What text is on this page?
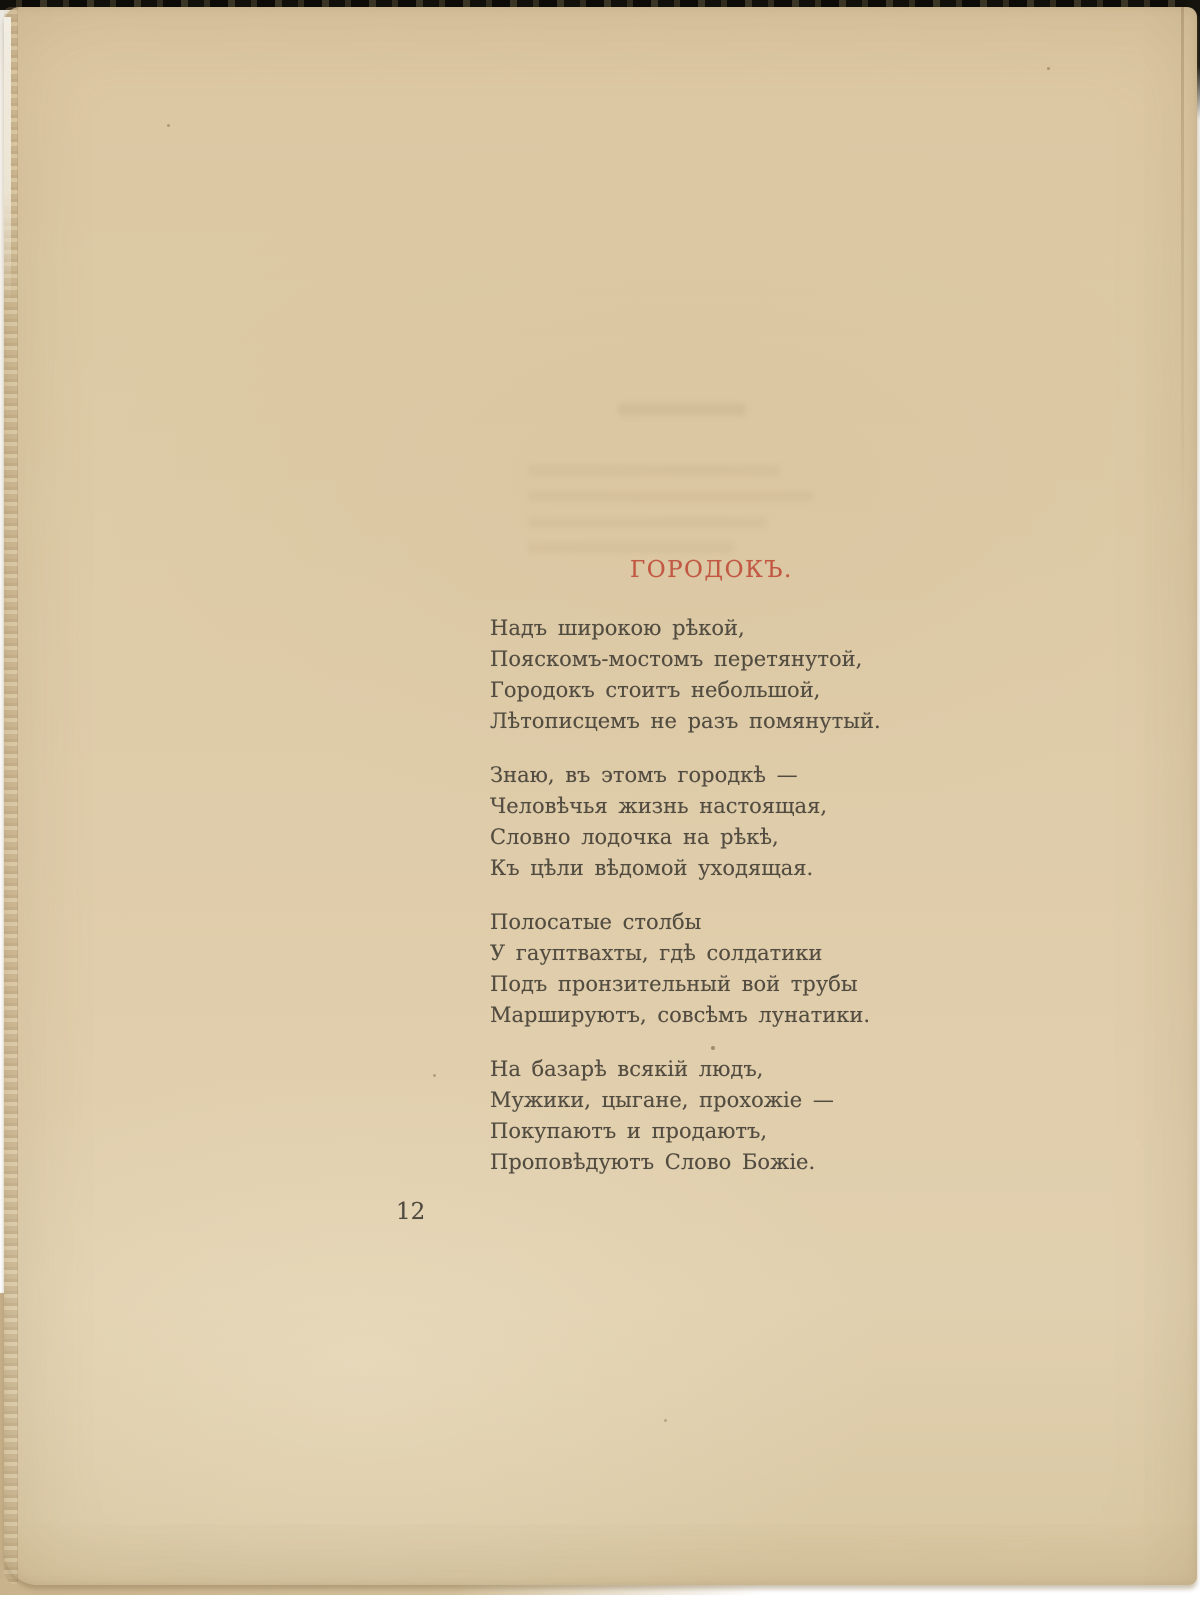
ГОРОДОКЪ.
Надъ широкою рѣкой,
Пояскомъ-мостомъ перетянутой,
Городокъ стоитъ небольшой,
Лѣтописцемъ не разъ помянутый.
Знаю, въ этомъ городкѣ —
Человѣчья жизнь настоящая,
Словно лодочка на рѣкѣ,
Къ цѣли вѣдомой уходящая.
Полосатые столбы
У гауптвахты, гдѣ солдатики
Подъ пронзительный вой трубы
Маршируютъ, совсѣмъ лунатики.
На базарѣ всякій людъ,
Мужики, цыгане, прохожіе —
Покупаютъ и продаютъ,
Проповѣдуютъ Слово Божіе.
12
